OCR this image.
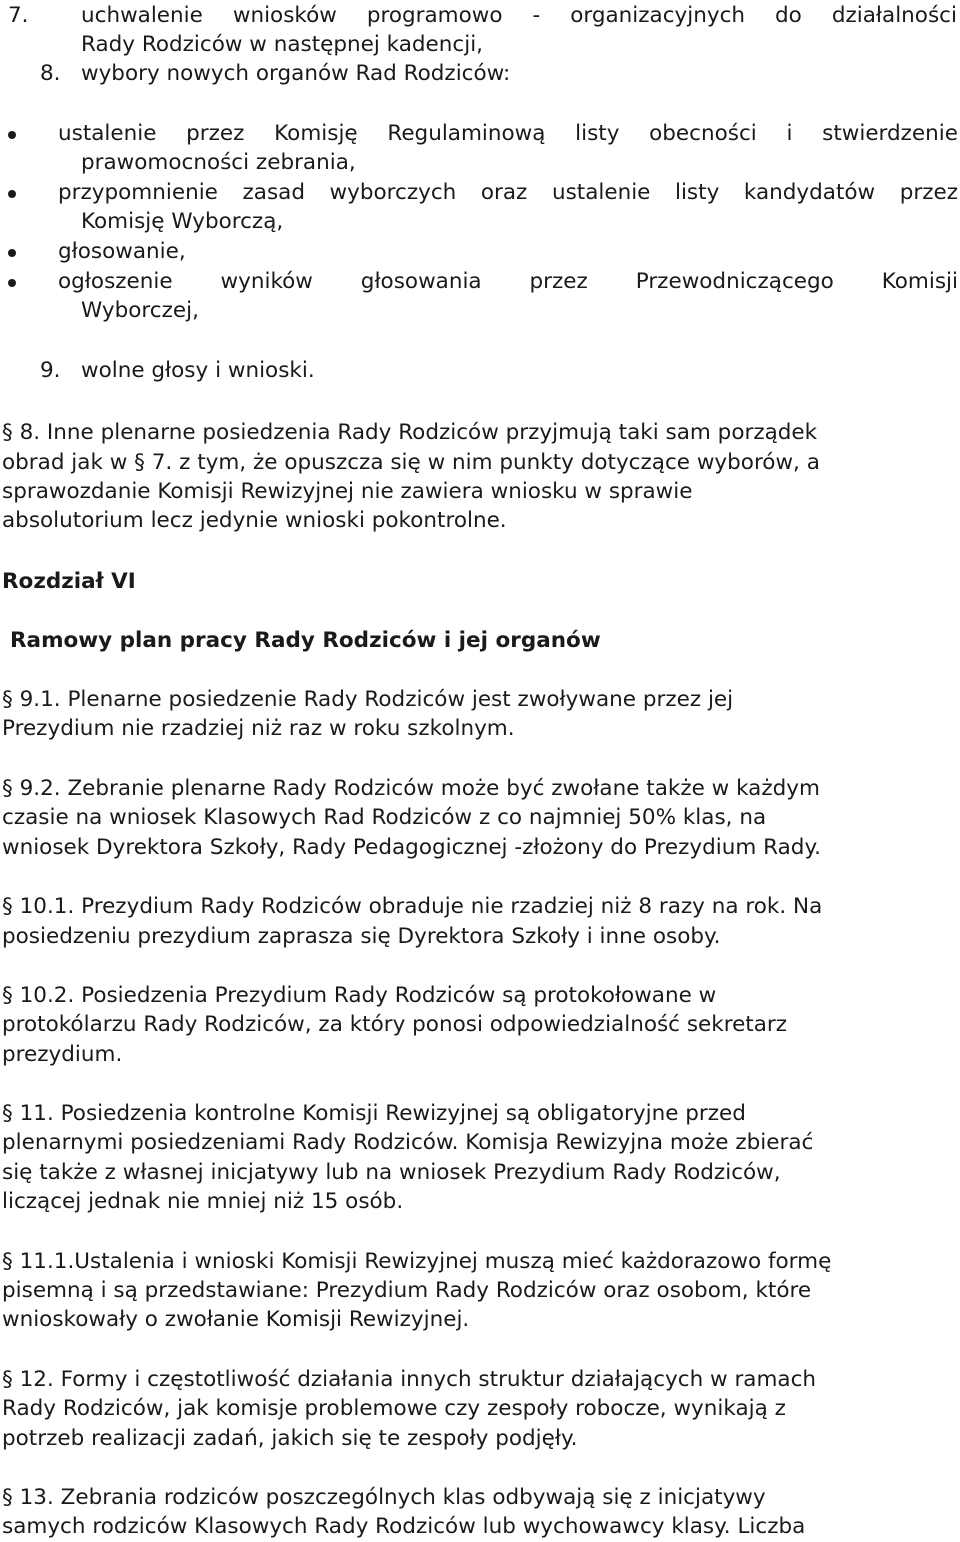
7. uchwalenie wniosków programowo - organizacyjnych do działalności
Rady Rodziców w następnej kadencji,
8. wybory nowych organów Rad Rodziców:
ustalenie przez Komisję Regulaminową listy obecności i stwierdzenie
prawomocności zebrania,
przypomnienie zasad wyborczych oraz ustalenie listy kandydatów przez
Komisję Wyborczą,
głosowanie,
ogłoszenie wyników głosowania przez Przewodniczącego Komisji
Wyborczej,
9. wolne głosy i wnioski.
§ 8. Inne plenarne posiedzenia Rady Rodziców przyjmują taki sam porządek
obrad jak w § 7. z tym, że opuszcza się w nim punkty dotyczące wyborów, a
sprawozdanie Komisji Rewizyjnej nie zawiera wniosku w sprawie
absolutorium lecz jedynie wnioski pokontrolne.
Rozdział VI
Ramowy plan pracy Rady Rodziców i jej organów
§ 9.1. Plenarne posiedzenie Rady Rodziców jest zwoływane przez jej
Prezydium nie rzadziej niż raz w roku szkolnym.
§ 9.2. Zebranie plenarne Rady Rodziców może być zwołane także w każdym
czasie na wniosek Klasowych Rad Rodziców z co najmniej 50% klas, na
wniosek Dyrektora Szkoły, Rady Pedagogicznej -złożony do Prezydium Rady.
§ 10.1. Prezydium Rady Rodziców obraduje nie rzadziej niż 8 razy na rok. Na
posiedzeniu prezydium zaprasza się Dyrektora Szkoły i inne osoby.
§ 10.2. Posiedzenia Prezydium Rady Rodziców są protokołowane w
protokólarzu Rady Rodziców, za który ponosi odpowiedzialność sekretarz
prezydium.
§ 11. Posiedzenia kontrolne Komisji Rewizyjnej są obligatoryjne przed
plenarnymi posiedzeniami Rady Rodziców. Komisja Rewizyjna może zbierać
się także z własnej inicjatywy lub na wniosek Prezydium Rady Rodziców,
liczącej jednak nie mniej niż 15 osób.
§ 11.1.Ustalenia i wnioski Komisji Rewizyjnej muszą mieć każdorazowo formę
pisemną i są przedstawiane: Prezydium Rady Rodziców oraz osobom, które
wnioskowały o zwołanie Komisji Rewizyjnej.
§ 12. Formy i częstotliwość działania innych struktur działających w ramach
Rady Rodziców, jak komisje problemowe czy zespoły robocze, wynikają z
potrzeb realizacji zadań, jakich się te zespoły podjęły.
§ 13. Zebrania rodziców poszczególnych klas odbywają się z inicjatywy
samych rodziców Klasowych Rady Rodziców lub wychowawcy klasy. Liczba
